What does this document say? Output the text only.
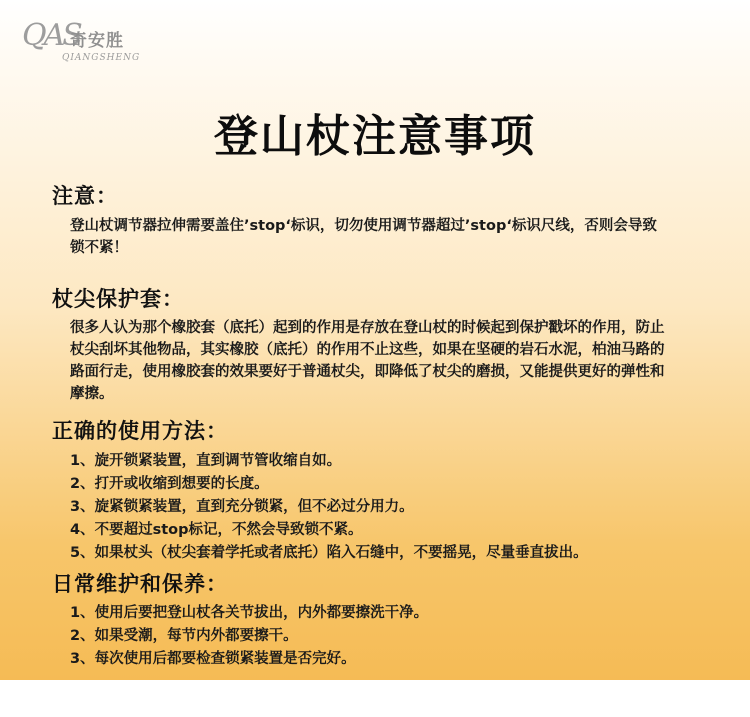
QAS
奇安胜
QIANGSHENG
登山杖注意事项
注意：
登山杖调节器拉伸需要盖住’stop‘标识，切勿使用调节器超过’stop‘标识尺线，否则会导致锁不紧！
杖尖保护套：
很多人认为那个橡胶套（底托）起到的作用是存放在登山杖的时候起到保护戳坏的作用，防止杖尖刮坏其他物品，其实橡胶（底托）的作用不止这些，如果在坚硬的岩石水泥，柏油马路的路面行走，使用橡胶套的效果要好于普通杖尖，即降低了杖尖的磨损，又能提供更好的弹性和摩擦。
正确的使用方法：
1、旋开锁紧装置，直到调节管收缩自如。
2、打开或收缩到想要的长度。
3、旋紧锁紧装置，直到充分锁紧，但不必过分用力。
4、不要超过stop标记，不然会导致锁不紧。
5、如果杖头（杖尖套着学托或者底托）陷入石缝中，不要摇晃，尽量垂直拔出。
日常维护和保养：
1、使用后要把登山杖各关节拔出，内外都要擦洗干净。
2、如果受潮，每节内外都要擦干。
3、每次使用后都要检查锁紧装置是否完好。
